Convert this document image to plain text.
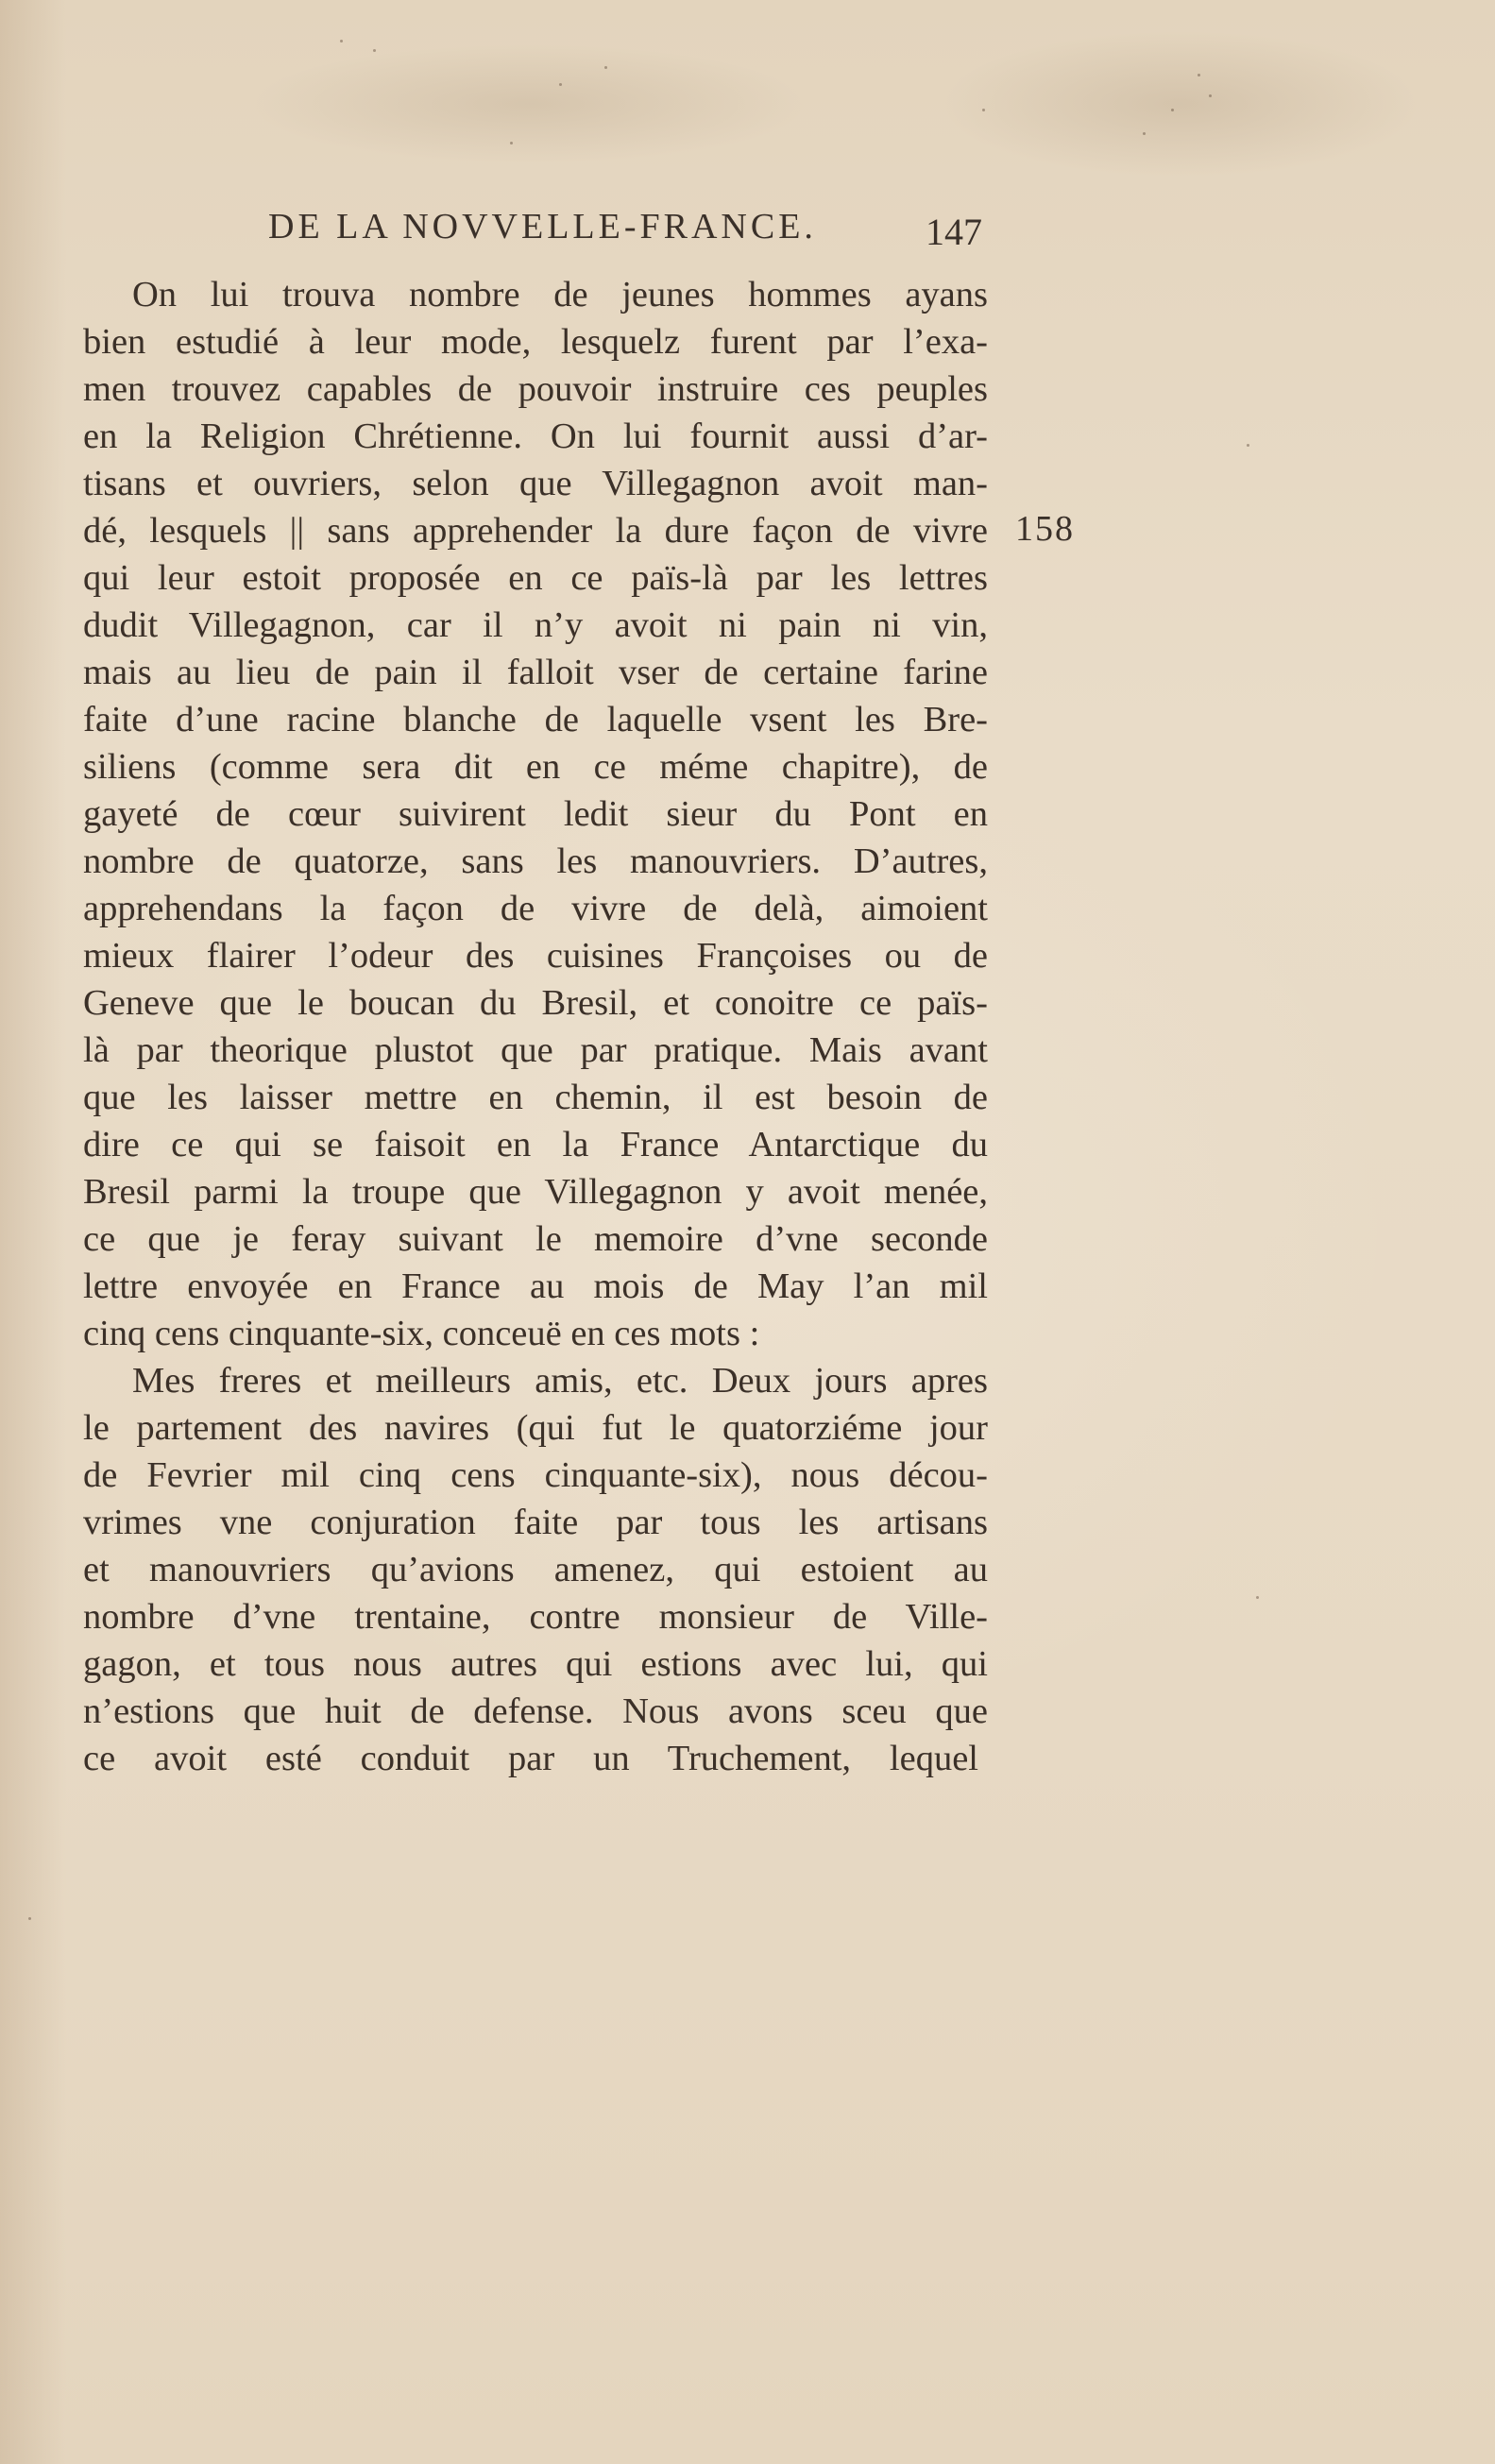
DE LA NOVVELLE-FRANCE.	147
158
On lui trouva nombre de jeunes hommes ayans
bien estudié à leur mode, lesquelz furent par l’exa-
men trouvez capables de pouvoir instruire ces peuples
en la Religion Chrétienne. On lui fournit aussi d’ar-
tisans et ouvriers, selon que Villegagnon avoit man-
dé, lesquels || sans apprehender la dure façon de vivre
qui leur estoit proposée en ce païs-là par les lettres
dudit Villegagnon, car il n’y avoit ni pain ni vin,
mais au lieu de pain il falloit vser de certaine farine
faite d’une racine blanche de laquelle vsent les Bre-
siliens (comme sera dit en ce méme chapitre), de
gayeté de cœur suivirent ledit sieur du Pont en
nombre de quatorze, sans les manouvriers. D’autres,
apprehendans la façon de vivre de delà, aimoient
mieux flairer l’odeur des cuisines Françoises ou de
Geneve que le boucan du Bresil, et conoitre ce païs-
là par theorique plustot que par pratique. Mais avant
que les laisser mettre en chemin, il est besoin de
dire ce qui se faisoit en la France Antarctique du
Bresil parmi la troupe que Villegagnon y avoit menée,
ce que je feray suivant le memoire d’vne seconde
lettre envoyée en France au mois de May l’an mil
cinq cens cinquante-six, conceuë en ces mots :
Mes freres et meilleurs amis, etc. Deux jours apres
le partement des navires (qui fut le quatorziéme jour
de Fevrier mil cinq cens cinquante-six), nous décou-
vrimes vne conjuration faite par tous les artisans
et manouvriers qu’avions amenez, qui estoient au
nombre d’vne trentaine, contre monsieur de Ville-
gagon, et tous nous autres qui estions avec lui, qui
n’estions que huit de defense. Nous avons sceu que
ce avoit esté conduit par un Truchement, lequel
